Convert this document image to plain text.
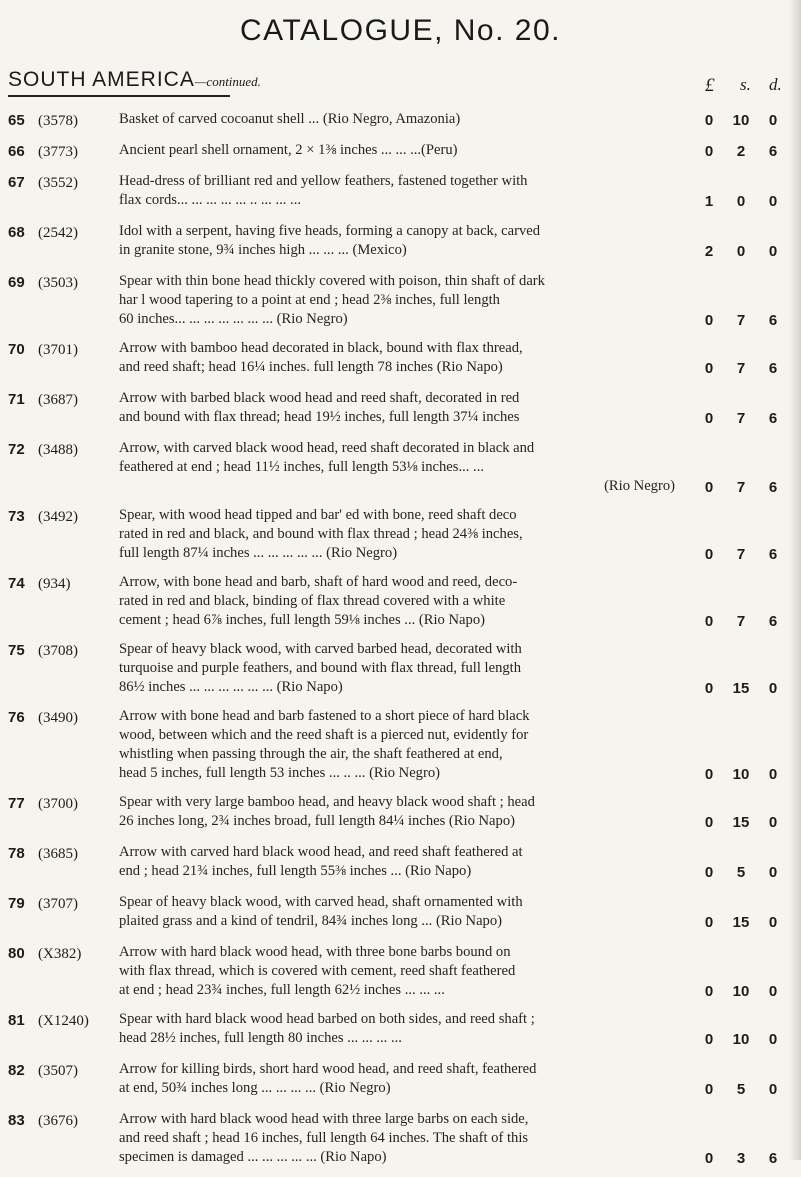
CATALOGUE, No. 20.
SOUTH AMERICA—continued.	£ s. d.
65 (3578)	Basket of carved cocoanut shell ... (Rio Negro, Amazonia)	0	10	0
66 (3773)	Ancient pearl shell ornament, 2 × 1⅜ inches ... ... ...(Peru)	0	2	6
67 (3552)	Head-dress of brilliant red and yellow feathers, fastened together with
flax cords... ... ... ... ... .. ... ... ...	1	0	0
68 (2542)	Idol with a serpent, having five heads, forming a canopy at back, carved
in granite stone, 9¾ inches high ... ... ... (Mexico)	2	0	0
69 (3503)	Spear with thin bone head thickly covered with poison, thin shaft of dark
har l wood tapering to a point at end ; head 2⅜ inches, full length
60 inches... ... ... ... ... ... ... (Rio Negro)	0	7	6
70 (3701)	Arrow with bamboo head decorated in black, bound with flax thread,
and reed shaft; head 16¼ inches. full length 78 inches (Rio Napo)	0	7	6
71 (3687)	Arrow with barbed black wood head and reed shaft, decorated in red
and bound with flax thread; head 19½ inches, full length 37¼ inches	0	7	6
72 (3488)	Arrow, with carved black wood head, reed shaft decorated in black and
feathered at end ; head 11½ inches, full length 53⅛ inches... ...
(Rio Negro)	0	7	6
73 (3492)	Spear, with wood head tipped and bar' ed with bone, reed shaft deco
rated in red and black, and bound with flax thread ; head 24⅜ inches,
full length 87¼ inches ... ... ... ... ... (Rio Negro)	0	7	6
74 (934)	Arrow, with bone head and barb, shaft of hard wood and reed, deco-
rated in red and black, binding of flax thread covered with a white
cement ; head 6⅞ inches, full length 59⅛ inches ... (Rio Napo)	0	7	6
75 (3708)	Spear of heavy black wood, with carved barbed head, decorated with
turquoise and purple feathers, and bound with flax thread, full length
86½ inches ... ... ... ... ... ... (Rio Napo)	0	15	0
76 (3490)	Arrow with bone head and barb fastened to a short piece of hard black
wood, between which and the reed shaft is a pierced nut, evidently for
whistling when passing through the air, the shaft feathered at end,
head 5 inches, full length 53 inches ... .. ... (Rio Negro)	0	10	0
77 (3700)	Spear with very large bamboo head, and heavy black wood shaft ; head
26 inches long, 2¾ inches broad, full length 84¼ inches (Rio Napo)	0	15	0
78 (3685)	Arrow with carved hard black wood head, and reed shaft feathered at
end ; head 21¾ inches, full length 55⅜ inches ... (Rio Napo)	0	5	0
79 (3707)	Spear of heavy black wood, with carved head, shaft ornamented with
plaited grass and a kind of tendril, 84¾ inches long ... (Rio Napo)	0	15	0
80 (X382)	Arrow with hard black wood head, with three bone barbs bound on
with flax thread, which is covered with cement, reed shaft feathered
at end ; head 23¾ inches, full length 62½ inches ... ... ...	0	10	0
81 (X1240) Spear with hard black wood head barbed on both sides, and reed shaft ;
head 28½ inches, full length 80 inches ... ... ... ...	0	10	0
82 (3507)	Arrow for killing birds, short hard wood head, and reed shaft, feathered
at end, 50¾ inches long ... ... ... ... (Rio Negro)	0	5	0
83 (3676)	Arrow with hard black wood head with three large barbs on each side,
and reed shaft ; head 16 inches, full length 64 inches. The shaft of this
specimen is damaged ... ... ... ... ... (Rio Napo)	0	3	6
